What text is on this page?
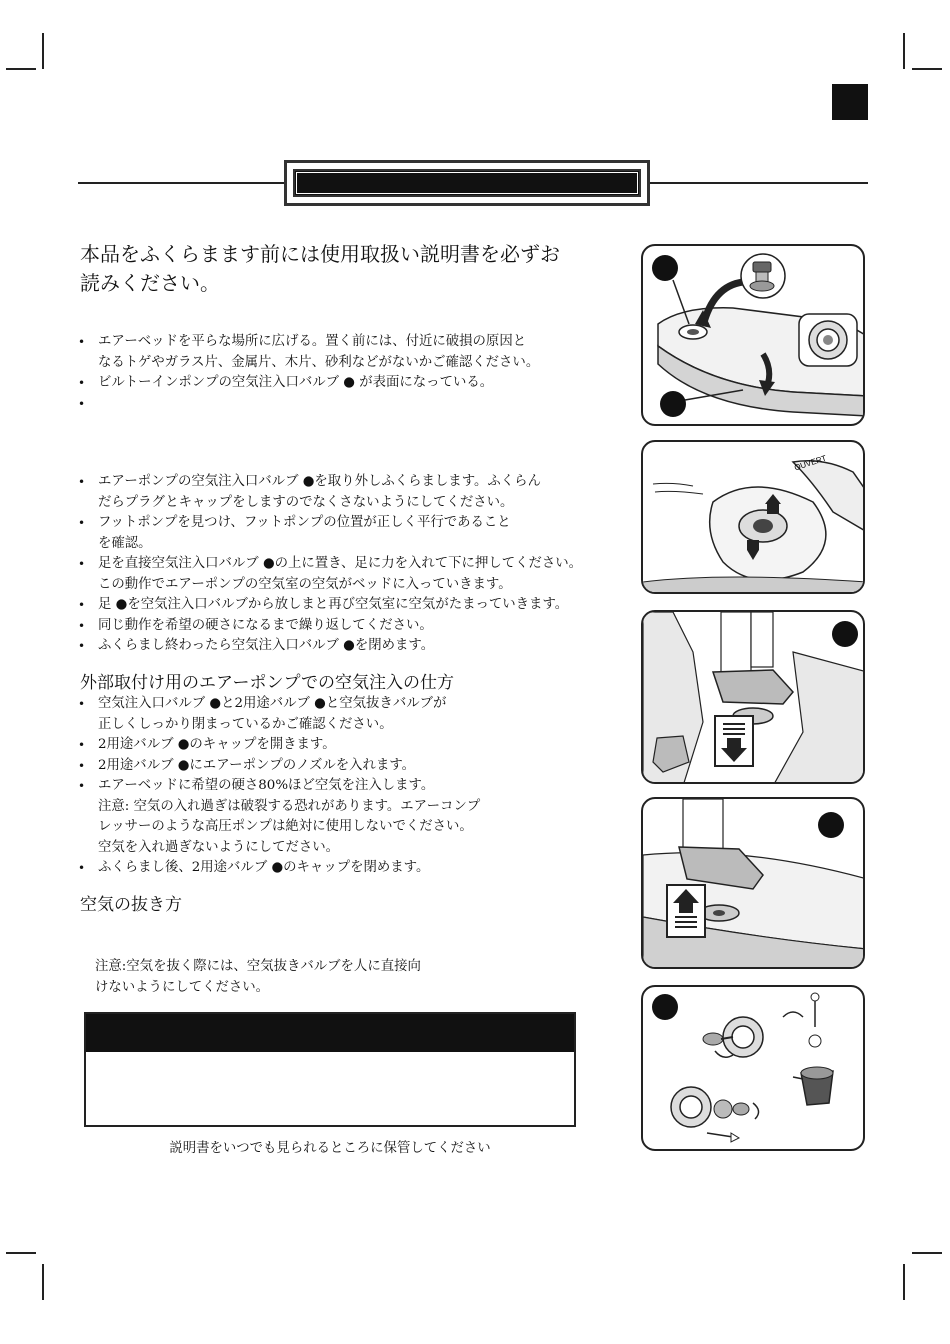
本品をふくらまます前には使用取扱い説明書を必ずお
読みください。
• エアーベッドを平らな場所に広げる。置く前には、付近に破損の原因と
なるトゲやガラス片、金属片、木片、砂利などがないかご確認ください。
• ビルトーインポンプの空気注入口バルブ ● が表面になっている。
• エアーポンプの空気注入口バルブ ●を取り外しふくらまします。ふくらん
だらプラグとキャップをしますのでなくさないようにしてください。
• フットポンプを見つけ、フットポンプの位置が正しく平行であること
を確認。
• 足を直接空気注入口バルブ ●の上に置き、足に力を入れて下に押してください。
この動作でエアーポンプの空気室の空気がベッドに入っていきます。
• 足 ●を空気注入口バルブから放しまと再び空気室に空気がたまっていきます。
• 同じ動作を希望の硬さになるまで繰り返してください。
• ふくらまし終わったら空気注入口バルブ ●を閉めます。
外部取付け用のエアーポンプでの空気注入の仕方
• 空気注入口バルブ ●と2用途バルブ ●と空気抜きバルブが
正しくしっかり閉まっているかご確認ください。
• 2用途バルブ ●のキャップを開きます。
• 2用途バルブ ●にエアーポンプのノズルを入れます。
• エアーベッドに希望の硬さ80%ほど空気を注入します。
注意: 空気の入れ過ぎは破裂する恐れがあります。エアーコンプ
レッサーのような高圧ポンプは絶対に使用しないでください。
空気を入れ過ぎないようにしてださい。
• ふくらまし後、2用途バルブ ●のキャップを閉めます。
空気の抜き方
注意:空気を抜く際には、空気抜きバルブを人に直接向
けないようにしてください。
説明書をいつでも見られるところに保管してください
OUVERT
